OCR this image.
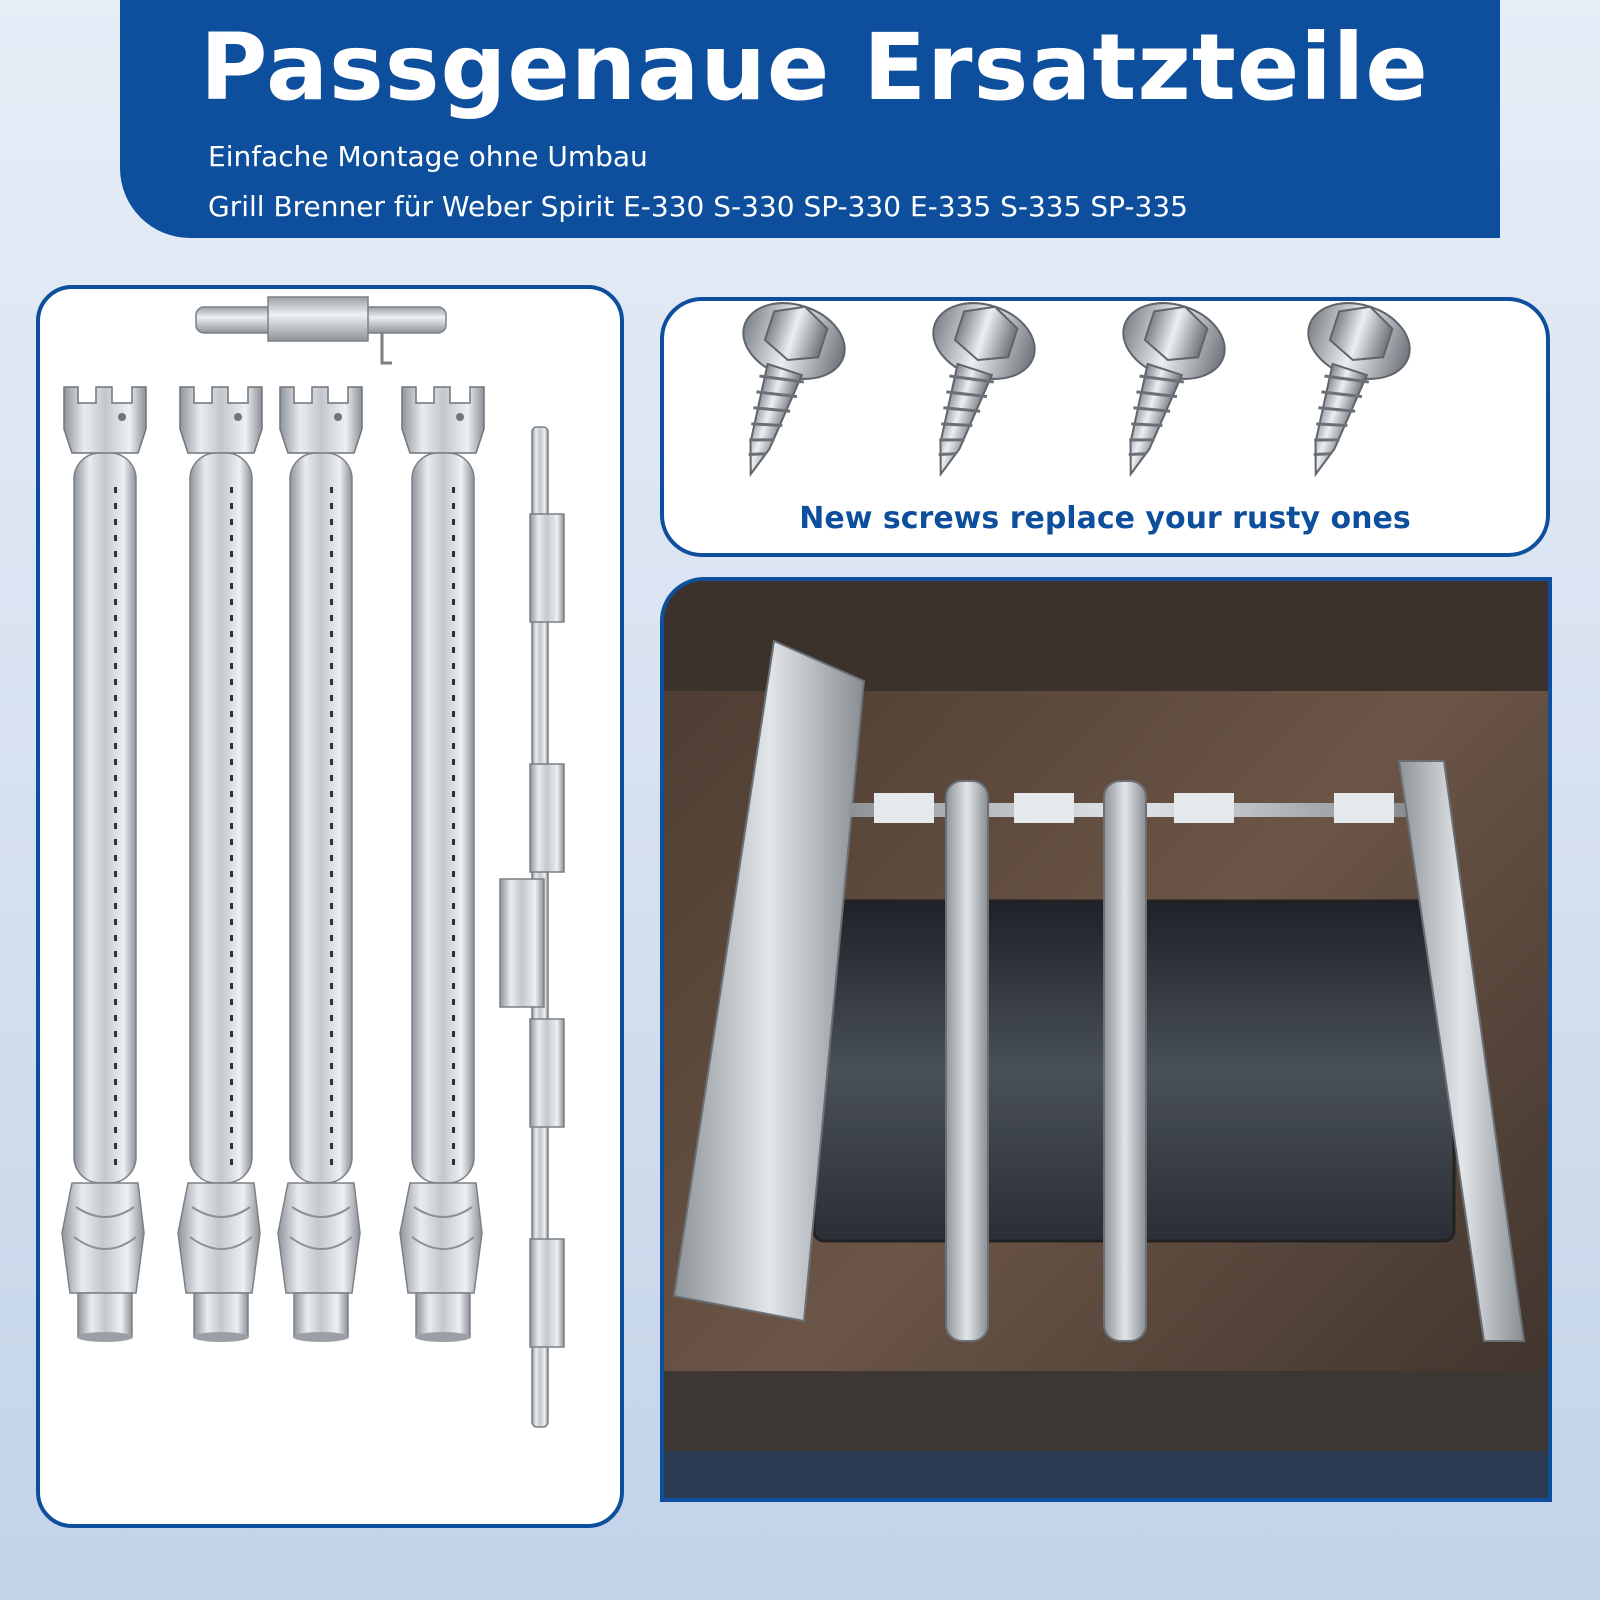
Passgenaue Ersatzteile

Einfache Montage ohne Umbau

Grill Brenner für Weber Spirit E-330 S-330 SP-330 E-335 S-335 SP-335

New screws replace your rusty ones
